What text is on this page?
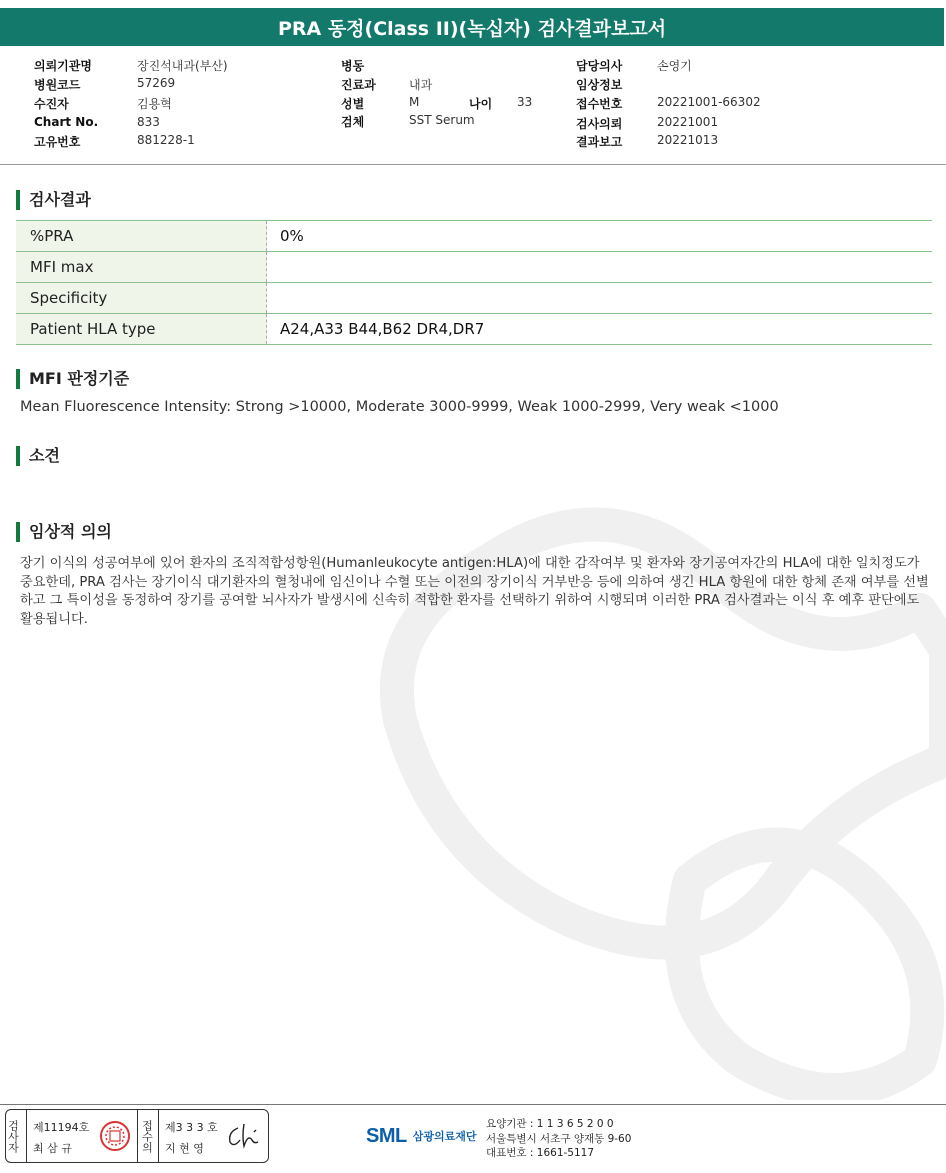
PRA 동정(Class II)(녹십자) 검사결과보고서
의뢰기관명	장진석내과(부산)
병원코드	57269
수진자	김용혁
Chart No.	833
고유번호	881228-1
병동
진료과	내과
성별	M	나이 33
검체	SST Serum
담당의사	손영기
임상정보
접수번호	20221001-66302
검사의뢰	20221001
결과보고	20221013
검사결과
%PRA	0%
MFI max	
Specificity	
Patient HLA type	A24,A33 B44,B62 DR4,DR7
MFI 판정기준
Mean Fluorescence Intensity: Strong >10000, Moderate 3000-9999, Weak 1000-2999, Very weak <1000
소견
임상적 의의
장기 이식의 성공여부에 있어 환자의 조직적합성항원(Humanleukocyte antigen:HLA)에 대한 감작여부 및 환자와 장기공여자간의 HLA에 대한 일치정도가 중요한데, PRA 검사는 장기이식 대기환자의 혈청내에 임신이나 수혈 또는 이전의 장기이식 거부반응 등에 의하여 생긴 HLA 항원에 대한 항체 존재 여부를 선별하고 그 특이성을 동정하여 장기를 공여할 뇌사자가 발생시에 신속히 적합한 환자를 선택하기 위하여 시행되며 이러한 PRA 검사결과는 이식 후 예후 판단에도 활용됩니다.
검사자 제11194호
최 삼 규	접수의 제3 3 3 호
지 현 영
SML 삼광의료재단
요양기관 : 1 1 3 6 5 2 0 0
서울특별시 서초구 양재동 9-60
대표번호 : 1661-5117
